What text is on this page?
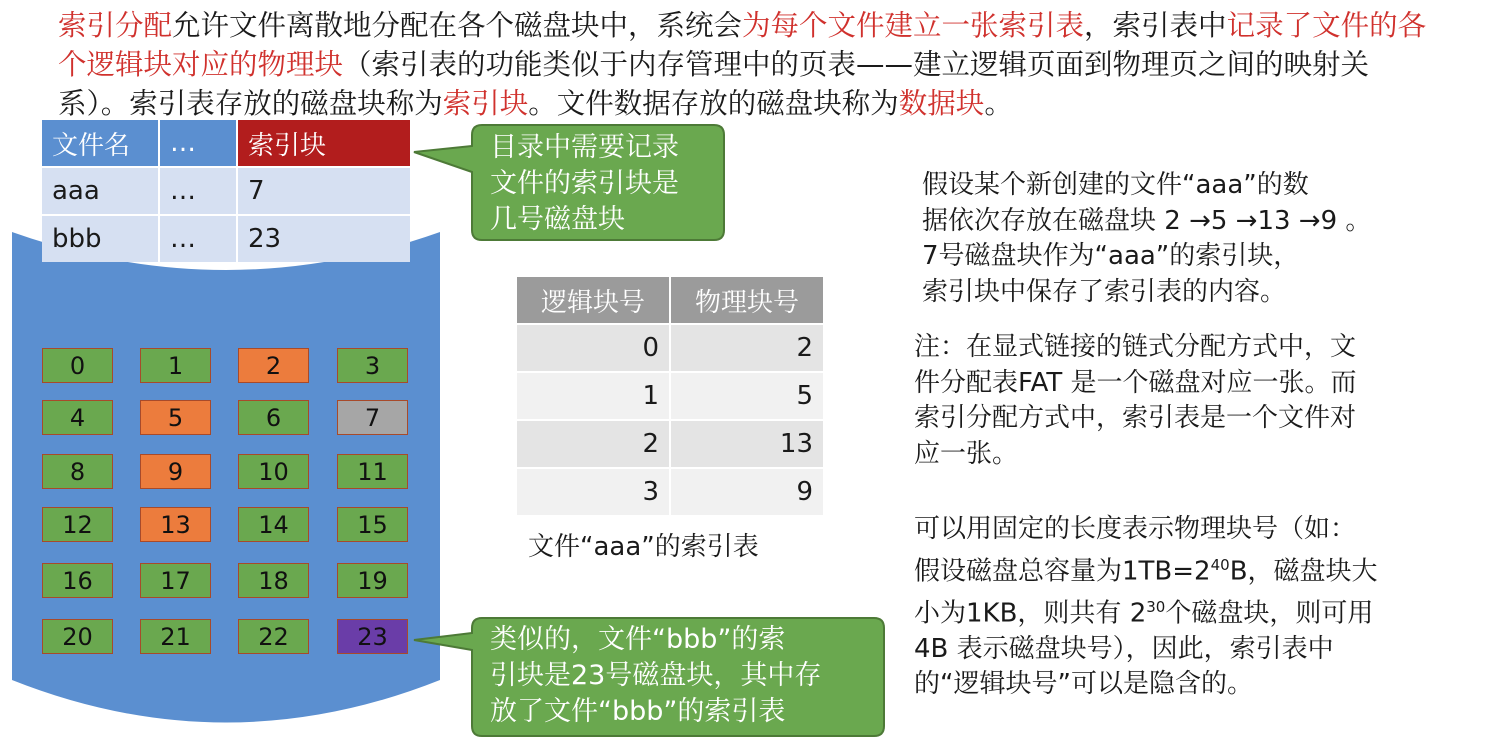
索引分配允许文件离散地分配在各个磁盘块中，系统会为每个文件建立一张索引表，索引表中记录了文件的各个逻辑块对应的物理块（索引表的功能类似于内存管理中的页表——建立逻辑页面到物理页之间的映射关系）。索引表存放的磁盘块称为索引块。文件数据存放的磁盘块称为数据块。

文件名	…	索引块
aaa	…	7
bbb	…	23
0	1	2	3
4	5	6	7
8	9	10	11
12	13	14	15
16	17	18	19
20	21	22	23
目录中需要记录
文件的索引块是
几号磁盘块
类似的，文件“bbb”的索
引块是23号磁盘块，其中存
放了文件“bbb”的索引表
逻辑块号	物理块号
0	2
1	5
2	13
3	9

文件“aaa”的索引表

假设某个新创建的文件“aaa”的数
据依次存放在磁盘块 2 →5 →13 →9 。
7号磁盘块作为“aaa”的索引块，
索引块中保存了索引表的内容。
注：在显式链接的链式分配方式中，文
件分配表FAT 是一个磁盘对应一张。而
索引分配方式中，索引表是一个文件对
应一张。
可以用固定的长度表示物理块号（如：
假设磁盘总容量为$1TB=2^{40}B$，磁盘块大
小为1KB，则共有 $2^{30}$个磁盘块，则可用
4B 表示磁盘块号），因此，索引表中
的“逻辑块号”可以是隐含的。
